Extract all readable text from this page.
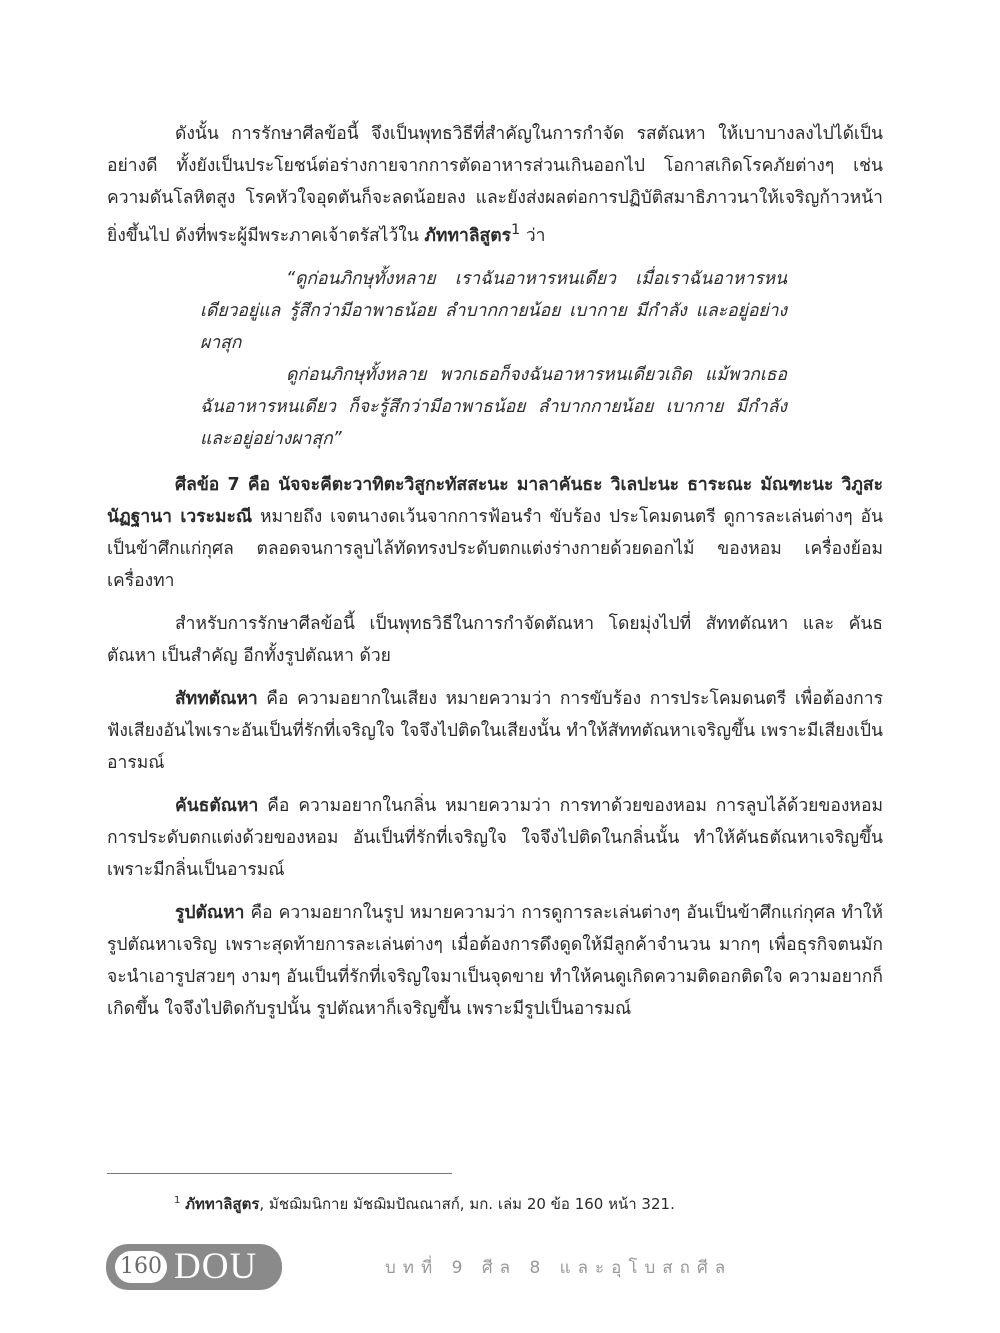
ดังนั้น การรักษาศีลข้อนี้ จึงเป็นพุทธวิธีที่สำคัญในการกำจัด รสตัณหา ให้เบาบางลงไปได้เป็นอย่างดี ทั้งยังเป็นประโยชน์ต่อร่างกายจากการตัดอาหารส่วนเกินออกไป โอกาสเกิดโรคภัยต่างๆ เช่น ความดันโลหิตสูง โรคหัวใจอุดตันก็จะลดน้อยลง และยังส่งผลต่อการปฏิบัติสมาธิภาวนาให้เจริญก้าวหน้ายิ่งขึ้นไป ดังที่พระผู้มีพระภาคเจ้าตรัสไว้ใน ภัททาลิสูตร$^1$ ว่า

“ดูก่อนภิกษุทั้งหลาย เราฉันอาหารหนเดียว เมื่อเราฉันอาหารหนเดียวอยู่แล รู้สึกว่ามีอาพาธน้อย ลำบากกายน้อย เบากาย มีกำลัง และอยู่อย่างผาสุก

ดูก่อนภิกษุทั้งหลาย พวกเธอก็จงฉันอาหารหนเดียวเถิด แม้พวกเธอฉันอาหารหนเดียว ก็จะรู้สึกว่ามีอาพาธน้อย ลำบากกายน้อย เบากาย มีกำลัง และอยู่อย่างผาสุก”

ศีลข้อ 7 คือ นัจจะคีตะวาทิตะวิสูกะทัสสะนะ มาลาคันธะ วิเลปะนะ ธาระณะ มัณฑะนะ วิภูสะนัฏฐานา เวระมะณี หมายถึง เจตนางดเว้นจากการฟ้อนรำ ขับร้อง ประโคมดนตรี ดูการละเล่นต่างๆ อันเป็นข้าศึกแก่กุศล ตลอดจนการลูบไล้ทัดทรงประดับตกแต่งร่างกายด้วยดอกไม้ ของหอม เครื่องย้อม เครื่องทา

สำหรับการรักษาศีลข้อนี้ เป็นพุทธวิธีในการกำจัดตัณหา โดยมุ่งไปที่ สัททตัณหา และ คันธตัณหา เป็นสำคัญ อีกทั้งรูปตัณหา ด้วย

สัททตัณหา คือ ความอยากในเสียง หมายความว่า การขับร้อง การประโคมดนตรี เพื่อต้องการฟังเสียงอันไพเราะอันเป็นที่รักที่เจริญใจ ใจจึงไปติดในเสียงนั้น ทำให้สัททตัณหาเจริญขึ้น เพราะมีเสียงเป็นอารมณ์

คันธตัณหา คือ ความอยากในกลิ่น หมายความว่า การทาด้วยของหอม การลูบไล้ด้วยของหอม การประดับตกแต่งด้วยของหอม อันเป็นที่รักที่เจริญใจ ใจจึงไปติดในกลิ่นนั้น ทำให้คันธตัณหาเจริญขึ้น เพราะมีกลิ่นเป็นอารมณ์

รูปตัณหา คือ ความอยากในรูป หมายความว่า การดูการละเล่นต่างๆ อันเป็นข้าศึกแก่กุศล ทำให้รูปตัณหาเจริญ เพราะสุดท้ายการละเล่นต่างๆ เมื่อต้องการดึงดูดให้มีลูกค้าจำนวน มากๆ เพื่อธุรกิจตนมักจะนำเอารูปสวยๆ งามๆ อันเป็นที่รักที่เจริญใจมาเป็นจุดขาย ทำให้คนดูเกิดความติดอกติดใจ ความอยากก็เกิดขึ้น ใจจึงไปติดกับรูปนั้น รูปตัณหาก็เจริญขึ้น เพราะมีรูปเป็นอารมณ์

$^1$ ภัททาลิสูตร, มัชฌิมนิกาย มัชฌิมปัณณาสก์, มก. เล่ม 20 ข้อ 160 หน้า 321.
160 DOU	บทที่ 9 ศีล 8 และอุโบสถศีล
